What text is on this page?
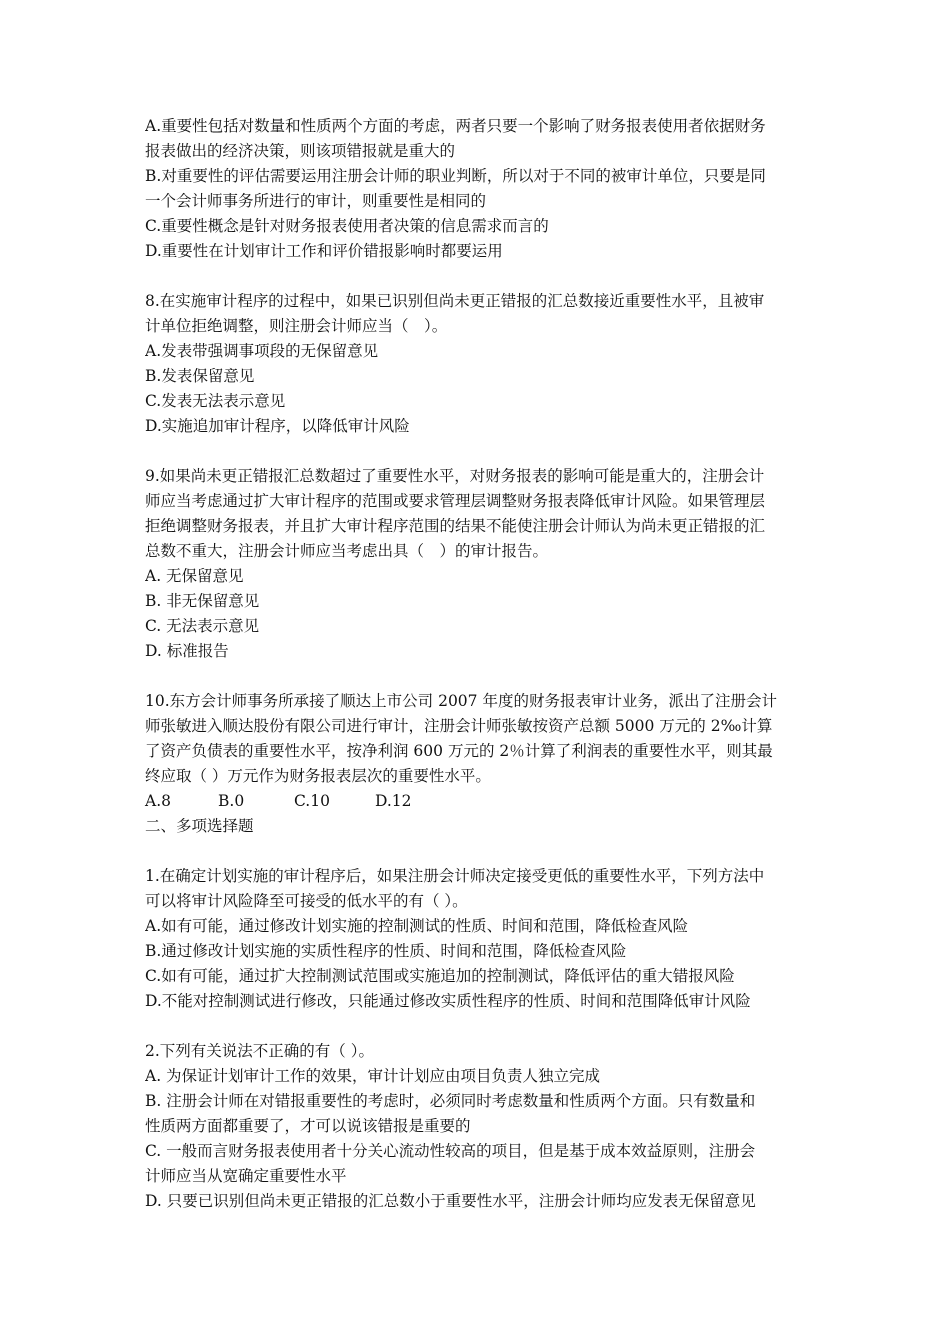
A.重要性包括对数量和性质两个方面的考虑，两者只要一个影响了财务报表使用者依据财务
报表做出的经济决策，则该项错报就是重大的
B.对重要性的评估需要运用注册会计师的职业判断，所以对于不同的被审计单位，只要是同
一个会计师事务所进行的审计，则重要性是相同的
C.重要性概念是针对财务报表使用者决策的信息需求而言的
D.重要性在计划审计工作和评价错报影响时都要运用
8.在实施审计程序的过程中，如果已识别但尚未更正错报的汇总数接近重要性水平，且被审
计单位拒绝调整，则注册会计师应当（　）。
A.发表带强调事项段的无保留意见
B.发表保留意见
C.发表无法表示意见
D.实施追加审计程序，以降低审计风险
9.如果尚未更正错报汇总数超过了重要性水平，对财务报表的影响可能是重大的，注册会计
师应当考虑通过扩大审计程序的范围或要求管理层调整财务报表降低审计风险。如果管理层
拒绝调整财务报表，并且扩大审计程序范围的结果不能使注册会计师认为尚未更正错报的汇
总数不重大，注册会计师应当考虑出具（　）的审计报告。
A. 无保留意见
B. 非无保留意见
C. 无法表示意见
D. 标准报告
10.东方会计师事务所承接了顺达上市公司 2007 年度的财务报表审计业务，派出了注册会计
师张敏进入顺达股份有限公司进行审计，注册会计师张敏按资产总额 5000 万元的 2‰计算
了资产负债表的重要性水平，按净利润 600 万元的 2％计算了利润表的重要性水平，则其最
终应取（ ）万元作为财务报表层次的重要性水平。
A.8	B.0	C.10	D.12
二、多项选择题
1.在确定计划实施的审计程序后，如果注册会计师决定接受更低的重要性水平，下列方法中
可以将审计风险降至可接受的低水平的有（ ）。
A.如有可能，通过修改计划实施的控制测试的性质、时间和范围，降低检查风险
B.通过修改计划实施的实质性程序的性质、时间和范围，降低检查风险
C.如有可能，通过扩大控制测试范围或实施追加的控制测试，降低评估的重大错报风险
D.不能对控制测试进行修改，只能通过修改实质性程序的性质、时间和范围降低审计风险
2.下列有关说法不正确的有（ ）。
A. 为保证计划审计工作的效果，审计计划应由项目负责人独立完成
B. 注册会计师在对错报重要性的考虑时，必须同时考虑数量和性质两个方面。只有数量和
性质两方面都重要了，才可以说该错报是重要的
C. 一般而言财务报表使用者十分关心流动性较高的项目，但是基于成本效益原则，注册会
计师应当从宽确定重要性水平
D. 只要已识别但尚未更正错报的汇总数小于重要性水平，注册会计师均应发表无保留意见
